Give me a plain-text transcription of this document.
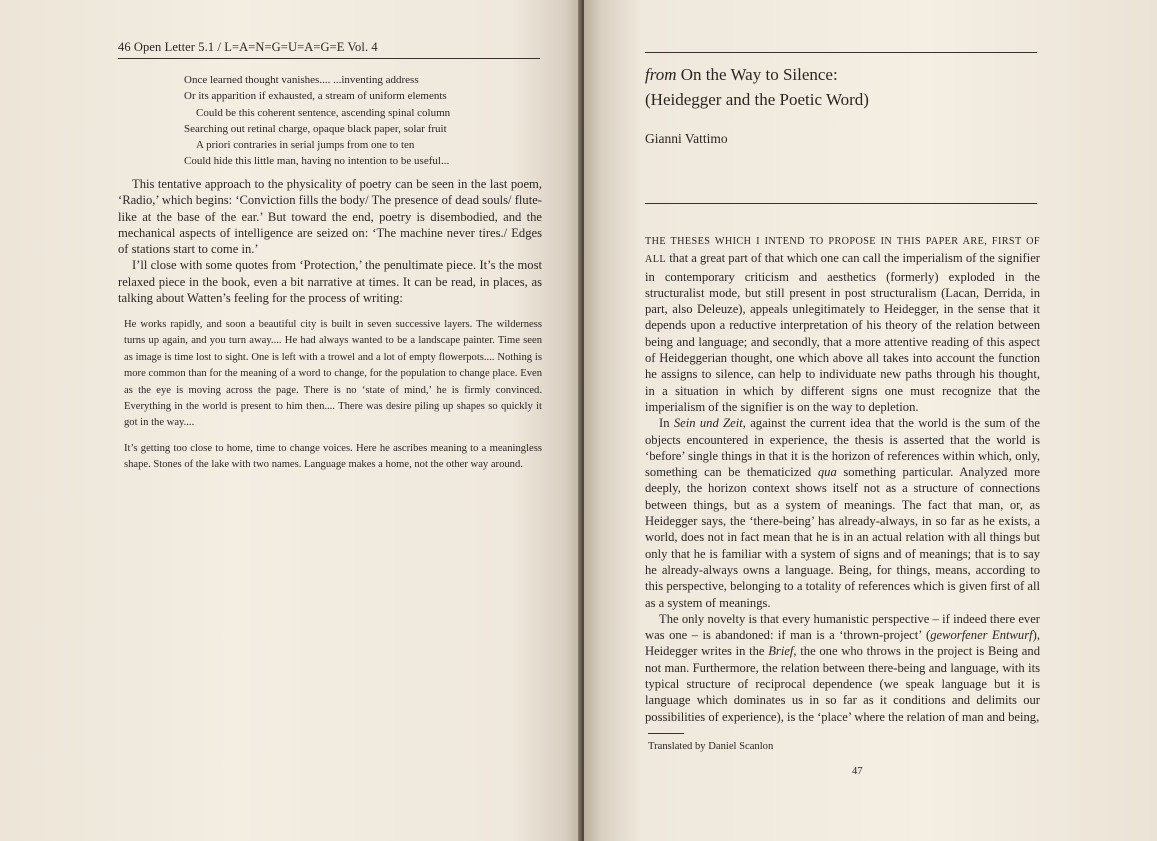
46 Open Letter 5.1 / L=A=N=G=U=A=G=E Vol. 4
Once learned thought vanishes.... ...inventing address
Or its apparition if exhausted, a stream of uniform elements
Could be this coherent sentence, ascending spinal column
Searching out retinal charge, opaque black paper, solar fruit
A priori contraries in serial jumps from one to ten
Could hide this little man, having no intention to be useful...

This tentative approach to the physicality of poetry can be seen in the last poem, ‘Radio,’ which begins: ‘Conviction fills the body/ The presence of dead souls/ flute-like at the base of the ear.’ But toward the end, poetry is disembodied, and the mechanical aspects of intelligence are seized on: ‘The machine never tires./ Edges of stations start to come in.’

I’ll close with some quotes from ‘Protection,’ the penultimate piece. It’s the most relaxed piece in the book, even a bit narrative at times. It can be read, in places, as talking about Watten’s feeling for the process of writing:

He works rapidly, and soon a beautiful city is built in seven successive layers. The wilderness turns up again, and you turn away.... He had always wanted to be a landscape painter. Time seen as image is time lost to sight. One is left with a trowel and a lot of empty flowerpots.... Nothing is more common than for the meaning of a word to change, for the population to change place. Even as the eye is moving across the page. There is no ‘state of mind,’ he is firmly convinced. Everything in the world is present to him then.... There was desire piling up shapes so quickly it got in the way....
It’s getting too close to home, time to change voices. Here he ascribes meaning to a meaningless shape. Stones of the lake with two names. Language makes a home, not the other way around.
from On the Way to Silence:
(Heidegger and the Poetic Word)
Gianni Vattimo

THE THESES WHICH I INTEND TO PROPOSE IN THIS PAPER ARE, FIRST OF ALL that a great part of that which one can call the imperialism of the signifier in contemporary criticism and aesthetics (formerly) exploded in the structuralist mode, but still present in post structuralism (Lacan, Derrida, in part, also Deleuze), appeals unlegitimately to Heidegger, in the sense that it depends upon a reductive interpretation of his theory of the relation between being and language; and secondly, that a more attentive reading of this aspect of Heideggerian thought, one which above all takes into account the function he assigns to silence, can help to individuate new paths through his thought, in a situation in which by different signs one must recognize that the imperialism of the signifier is on the way to depletion.

In Sein und Zeit, against the current idea that the world is the sum of the objects encountered in experience, the thesis is asserted that the world is ‘before’ single things in that it is the horizon of references within which, only, something can be thematicized qua something particular. Analyzed more deeply, the horizon context shows itself not as a structure of connections between things, but as a system of meanings. The fact that man, or, as Heidegger says, the ‘there-being’ has already-always, in so far as he exists, a world, does not in fact mean that he is in an actual relation with all things but only that he is familiar with a system of signs and of meanings; that is to say he already-always owns a language. Being, for things, means, according to this perspective, belonging to a totality of references which is given first of all as a system of meanings.

The only novelty is that every humanistic perspective – if indeed there ever was one – is abandoned: if man is a ‘thrown-project’ (geworfener Entwurf), Heidegger writes in the Brief, the one who throws in the project is Being and not man. Furthermore, the relation between there-being and language, with its typical structure of reciprocal dependence (we speak language but it is language which dominates us in so far as it conditions and delimits our possibilities of experience), is the ‘place’ where the relation of man and being,

Translated by Daniel Scanlon
47
